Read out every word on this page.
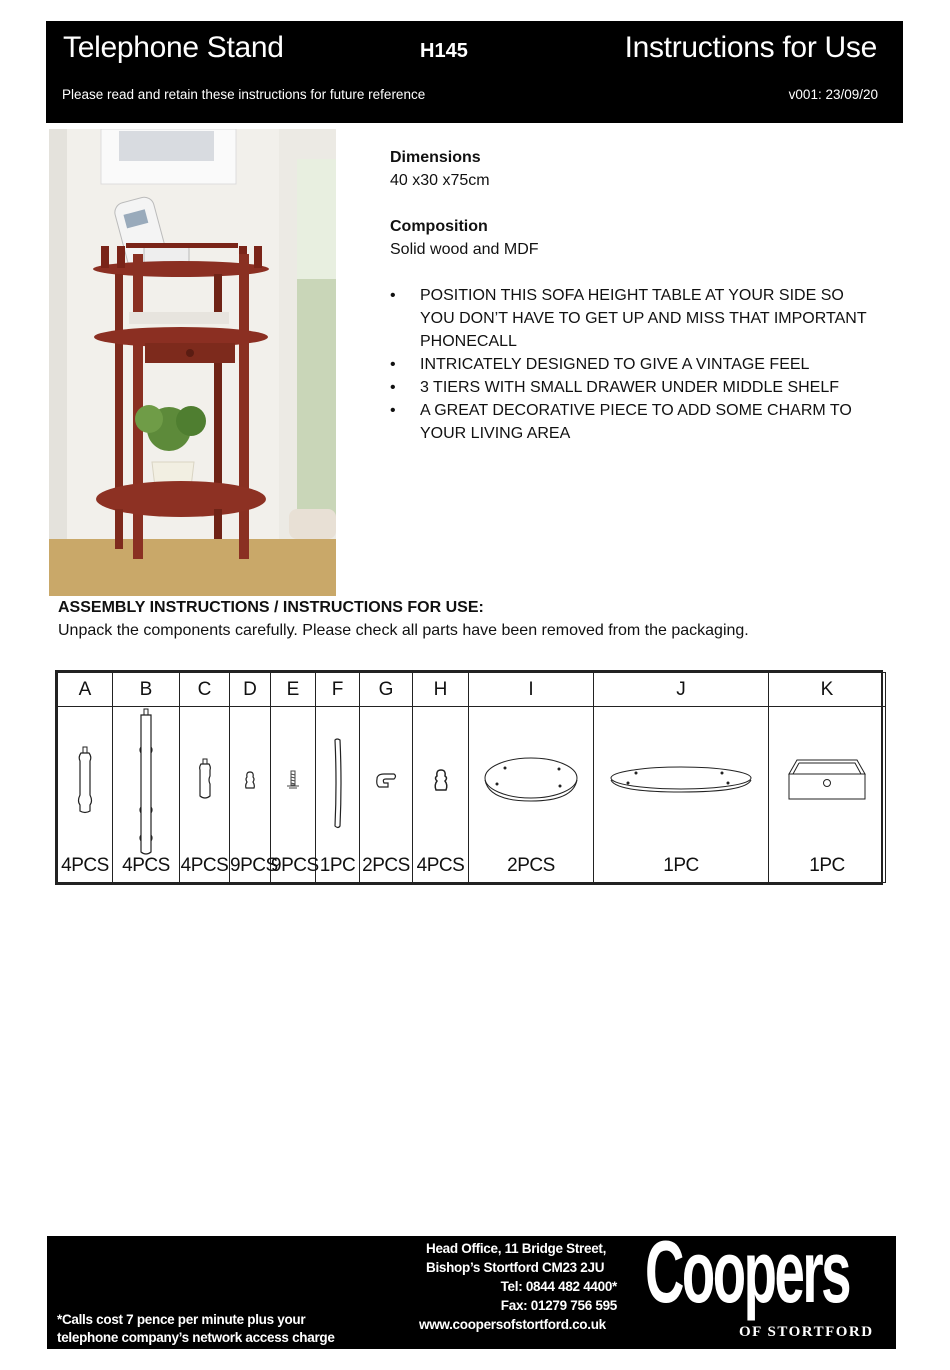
Telephone Stand	H145	Instructions for Use
Please read and retain these instructions for future reference	v001: 23/09/20
Dimensions
40 x30 x75cm
Composition
Solid wood and MDF
• POSITION THIS SOFA HEIGHT TABLE AT YOUR SIDE SO YOU DON’T HAVE TO GET UP AND MISS THAT IMPORTANT PHONECALL
• INTRICATELY DESIGNED TO GIVE A VINTAGE FEEL
• 3 TIERS WITH SMALL DRAWER UNDER MIDDLE SHELF
• A GREAT DECORATIVE PIECE TO ADD SOME CHARM TO YOUR LIVING AREA
ASSEMBLY INSTRUCTIONS / INSTRUCTIONS FOR USE:
Unpack the components carefully. Please check all parts have been removed from the packaging.
A	B	C	D	E	F	G	H	I	J	K

4PCS	4PCS	4PCS	9PCS	9PCS	1PC	2PCS	4PCS	2PCS	1PC	1PC
*Calls cost 7 pence per minute plus your
telephone company’s network access charge
Head Office, 11 Bridge Street,
Bishop’s Stortford CM23 2JU
Tel: 0844 482 4400*
Fax: 01279 756 595
www.coopersofstortford.co.uk
Coopers
OF STORTFORD
